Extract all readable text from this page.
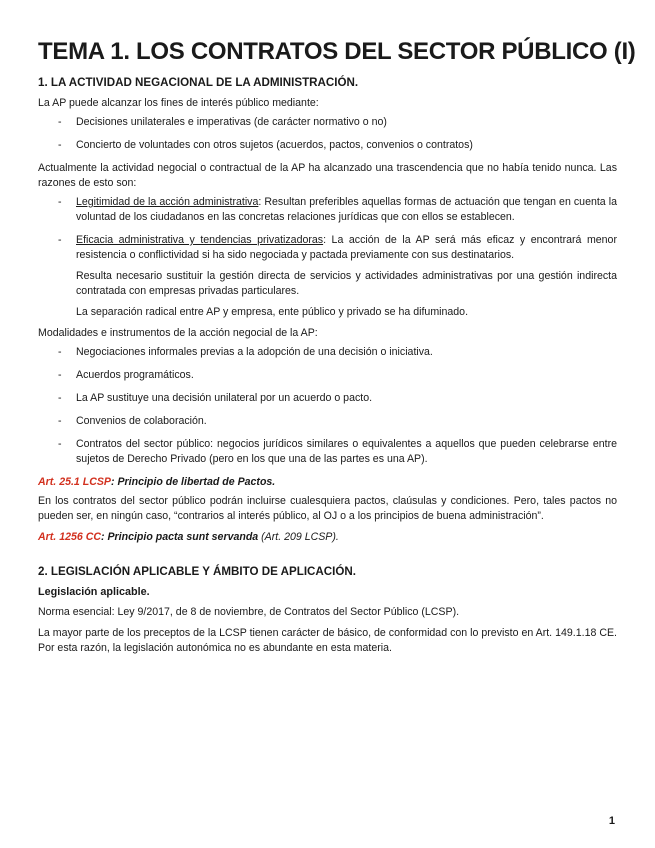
TEMA 1. LOS CONTRATOS DEL SECTOR PÚBLICO (I)
1. LA ACTIVIDAD NEGACIONAL DE LA ADMINISTRACIÓN.

La AP puede alcanzar los fines de interés público mediante:

- Decisiones unilaterales e imperativas (de carácter normativo o no)
- Concierto de voluntades con otros sujetos (acuerdos, pactos, convenios o contratos)

Actualmente la actividad negocial o contractual de la AP ha alcanzado una trascendencia que no había tenido nunca. Las razones de esto son:

- Legitimidad de la acción administrativa: Resultan preferibles aquellas formas de actuación que tengan en cuenta la voluntad de los ciudadanos en las concretas relaciones jurídicas que con ellos se establecen.
- Eficacia administrativa y tendencias privatizadoras: La acción de la AP será más eficaz y encontrará menor resistencia o conflictividad si ha sido negociada y pactada previamente con sus destinatarios.

Resulta necesario sustituir la gestión directa de servicios y actividades administrativas por una gestión indirecta contratada con empresas privadas particulares.

La separación radical entre AP y empresa, ente público y privado se ha difuminado.

Modalidades e instrumentos de la acción negocial de la AP:

- Negociaciones informales previas a la adopción de una decisión o iniciativa.
- Acuerdos programáticos.
- La AP sustituye una decisión unilateral por un acuerdo o pacto.
- Convenios de colaboración.
- Contratos del sector público: negocios jurídicos similares o equivalentes a aquellos que pueden celebrarse entre sujetos de Derecho Privado (pero en los que una de las partes es una AP).

Art. 25.1 LCSP: Principio de libertad de Pactos.

En los contratos del sector público podrán incluirse cualesquiera pactos, claúsulas y condiciones. Pero, tales pactos no pueden ser, en ningún caso, “contrarios al interés público, al OJ o a los principios de buena administración”.

Art. 1256 CC: Principio pacta sunt servanda (Art. 209 LCSP).

2. LEGISLACIÓN APLICABLE Y ÁMBITO DE APLICACIÓN.

Legislación aplicable.

Norma esencial: Ley 9/2017, de 8 de noviembre, de Contratos del Sector Público (LCSP).

La mayor parte de los preceptos de la LCSP tienen carácter de básico, de conformidad con lo previsto en Art. 149.1.18 CE. Por esta razón, la legislación autonómica no es abundante en esta materia.

1
